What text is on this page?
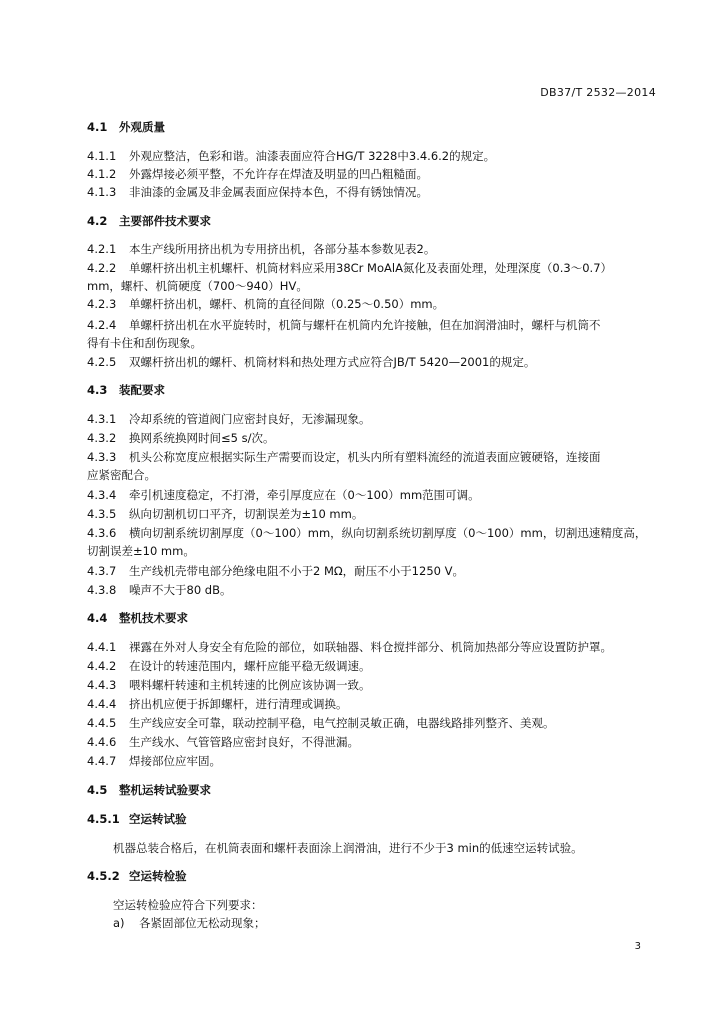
DB37/T 2532—2014
4.1 外观质量
4.1.1 外观应整洁，色彩和谐。油漆表面应符合HG/T 3228中3.4.6.2的规定。
4.1.2 外露焊接必须平整，不允许存在焊渣及明显的凹凸粗糙面。
4.1.3 非油漆的金属及非金属表面应保持本色，不得有锈蚀情况。
4.2 主要部件技术要求
4.2.1 本生产线所用挤出机为专用挤出机，各部分基本参数见表2。
4.2.2 单螺杆挤出机主机螺杆、机筒材料应采用38Cr MoAlA氮化及表面处理，处理深度（0.3～0.7）
mm，螺杆、机筒硬度（700～940）HV。
4.2.3 单螺杆挤出机，螺杆、机筒的直径间隙（0.25～0.50）mm。
4.2.4 单螺杆挤出机在水平旋转时，机筒与螺杆在机筒内允许接触，但在加润滑油时，螺杆与机筒不
得有卡住和刮伤现象。
4.2.5 双螺杆挤出机的螺杆、机筒材料和热处理方式应符合JB/T 5420—2001的规定。
4.3 装配要求
4.3.1 冷却系统的管道阀门应密封良好，无渗漏现象。
4.3.2 换网系统换网时间≤5 s/次。
4.3.3 机头公称宽度应根据实际生产需要而设定，机头内所有塑料流经的流道表面应镀硬铬，连接面
应紧密配合。
4.3.4 牵引机速度稳定，不打滑，牵引厚度应在（0～100）mm范围可调。
4.3.5 纵向切割机切口平齐，切割误差为±10 mm。
4.3.6 横向切割系统切割厚度（0～100）mm，纵向切割系统切割厚度（0～100）mm，切割迅速精度高，
切割误差±10 mm。
4.3.7 生产线机壳带电部分绝缘电阻不小于2 MΩ，耐压不小于1250 V。
4.3.8 噪声不大于80 dB。
4.4 整机技术要求
4.4.1 裸露在外对人身安全有危险的部位，如联轴器、料仓搅拌部分、机筒加热部分等应设置防护罩。
4.4.2 在设计的转速范围内，螺杆应能平稳无级调速。
4.4.3 喂料螺杆转速和主机转速的比例应该协调一致。
4.4.4 挤出机应便于拆卸螺杆，进行清理或调换。
4.4.5 生产线应安全可靠，联动控制平稳，电气控制灵敏正确，电器线路排列整齐、美观。
4.4.6 生产线水、气管管路应密封良好，不得泄漏。
4.4.7 焊接部位应牢固。
4.5 整机运转试验要求
4.5.1 空运转试验
机器总装合格后，在机筒表面和螺杆表面涂上润滑油，进行不少于3 min的低速空运转试验。
4.5.2 空运转检验
空运转检验应符合下列要求：
a) 各紧固部位无松动现象；
3
